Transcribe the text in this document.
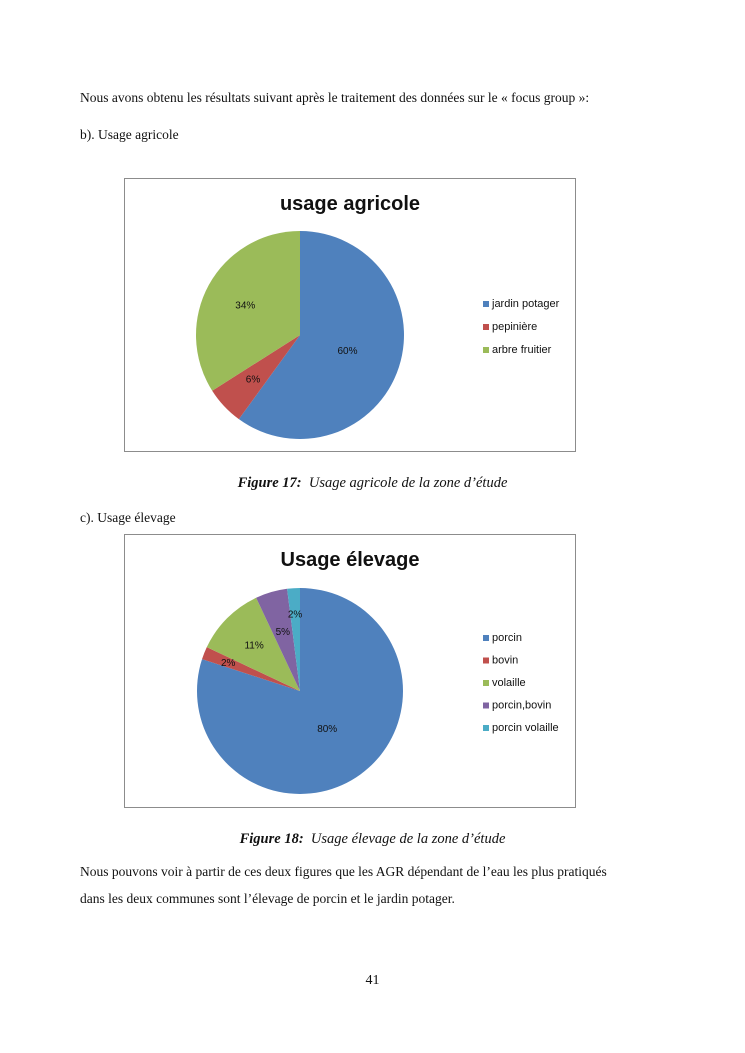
Nous avons obtenu les résultats suivant après le traitement des données sur le « focus group »:

b). Usage agricole

usage agricole
60%
6%
34%	jardin potager
pepinière
arbre fruitier

Figure 17: Usage agricole de la zone d’étude

c). Usage élevage

Usage élevage
80%
2%
11%
5%
2%
porcin
bovin
volaille
porcin,bovin
porcin volaille

Figure 18: Usage élevage de la zone d’étude

Nous pouvons voir à partir de ces deux figures que les AGR dépendant de l’eau les plus pratiqués

dans les deux communes sont l’élevage de porcin et le jardin potager.

41
